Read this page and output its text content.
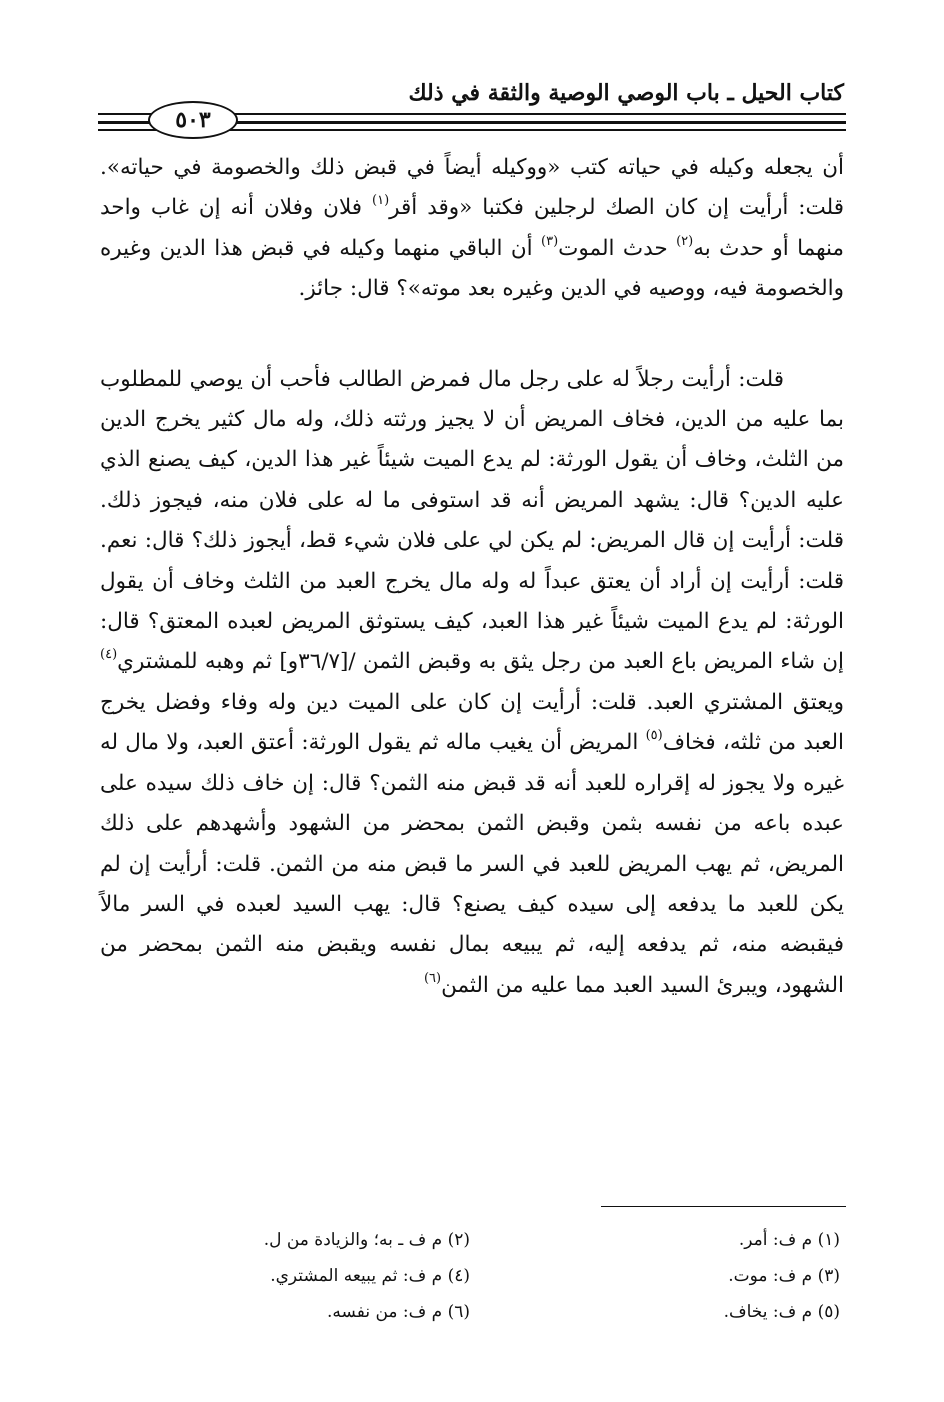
كتاب الحيل ـ باب الوصي الوصية والثقة في ذلك
٥٠٣

أن يجعله وكيله في حياته كتب «ووكيله أيضاً في قبض ذلك والخصومة في حياته». قلت: أرأيت إن كان الصك لرجلين فكتبا «وقد أقر$^{(١)}$ فلان وفلان أنه إن غاب واحد منهما أو حدث به$^{(٢)}$ حدث الموت$^{(٣)}$ أن الباقي منهما وكيله في قبض هذا الدين وغيره والخصومة فيه، ووصيه في الدين وغيره بعد موته»؟ قال: جائز.

قلت: أرأيت رجلاً له على رجل مال فمرض الطالب فأحب أن يوصي للمطلوب بما عليه من الدين، فخاف المريض أن لا يجيز ورثته ذلك، وله مال كثير يخرج الدين من الثلث، وخاف أن يقول الورثة: لم يدع الميت شيئاً غير هذا الدين، كيف يصنع الذي عليه الدين؟ قال: يشهد المريض أنه قد استوفى ما له على فلان منه، فيجوز ذلك. قلت: أرأيت إن قال المريض: لم يكن لي على فلان شيء قط، أيجوز ذلك؟ قال: نعم. قلت: أرأيت إن أراد أن يعتق عبداً له وله مال يخرج العبد من الثلث وخاف أن يقول الورثة: لم يدع الميت شيئاً غير هذا العبد، كيف يستوثق المريض لعبده المعتق؟ قال: إن شاء المريض باع العبد من رجل يثق به وقبض الثمن /[٣٦/٧و] ثم وهبه للمشتري$^{(٤)}$ ويعتق المشتري العبد. قلت: أرأيت إن كان على الميت دين وله وفاء وفضل يخرج العبد من ثلثه، فخاف$^{(٥)}$ المريض أن يغيب ماله ثم يقول الورثة: أعتق العبد، ولا مال له غيره ولا يجوز له إقراره للعبد أنه قد قبض منه الثمن؟ قال: إن خاف ذلك سيده على عبده باعه من نفسه بثمن وقبض الثمن بمحضر من الشهود وأشهدهم على ذلك المريض، ثم يهب المريض للعبد في السر ما قبض منه من الثمن. قلت: أرأيت إن لم يكن للعبد ما يدفعه إلى سيده كيف يصنع؟ قال: يهب السيد لعبده في السر مالاً فيقبضه منه، ثم يدفعه إليه، ثم يبيعه بمال نفسه ويقبض منه الثمن بمحضر من الشهود، ويبرئ السيد العبد مما عليه من الثمن$^{(٦)}$

(١) م ف: أمر.
(٢) م ف ـ به؛ والزيادة من ل.
(٣) م ف: موت.
(٤) م ف: ثم يبيعه المشتري.
(٥) م ف: يخاف.
(٦) م ف: من نفسه.
